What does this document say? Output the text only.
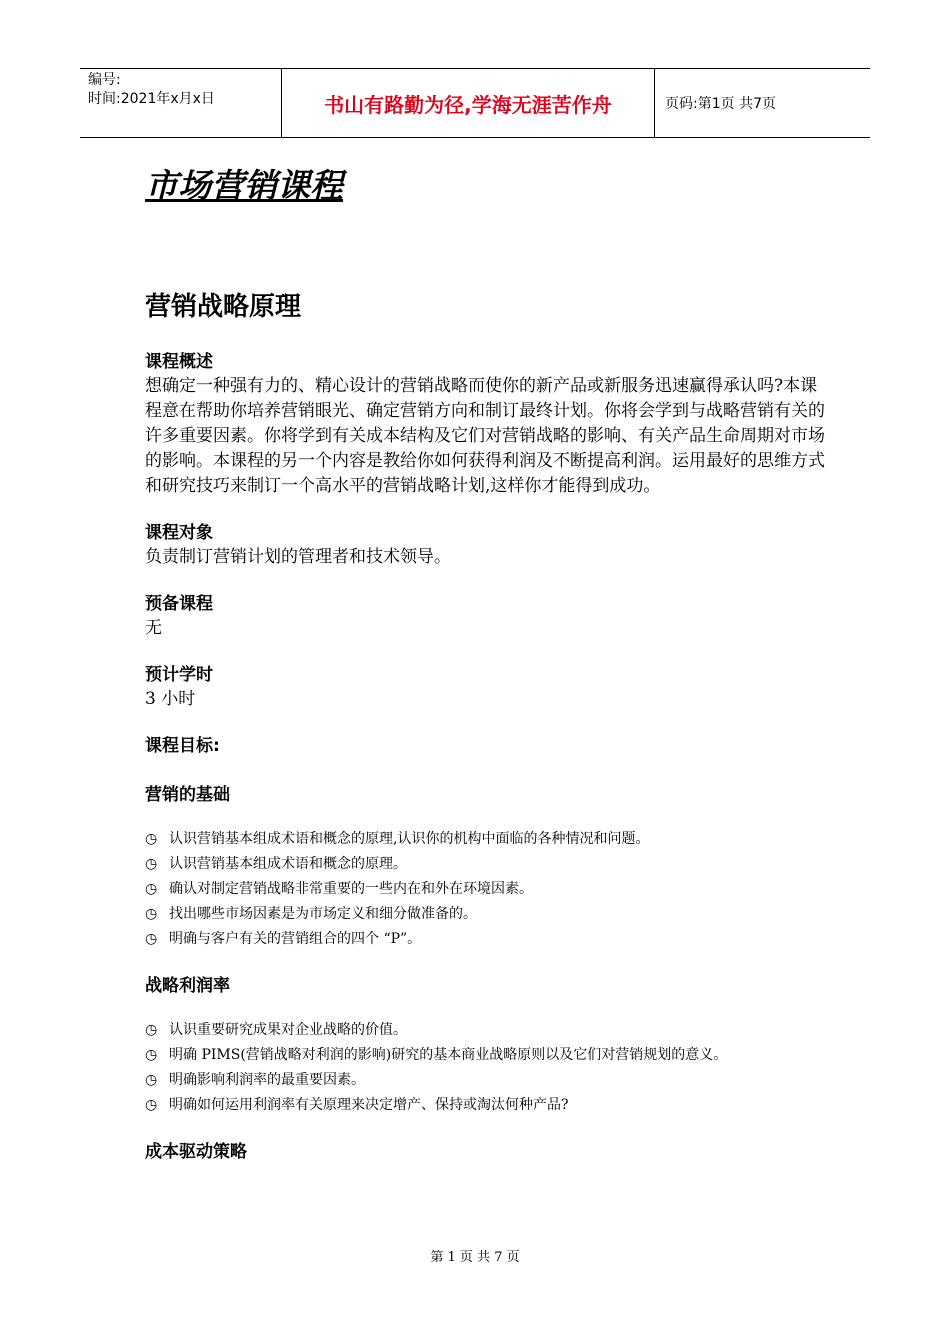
编号:
时间:2021年x月x日	书山有路勤为径,学海无涯苦作舟	页码:第1页 共7页
市场营销课程
营销战略原理
课程概述
想确定一种强有力的、精心设计的营销战略而使你的新产品或新服务迅速赢得承认吗?本课程意在帮助你培养营销眼光、确定营销方向和制订最终计划。你将会学到与战略营销有关的许多重要因素。你将学到有关成本结构及它们对营销战略的影响、有关产品生命周期对市场的影响。本课程的另一个内容是教给你如何获得利润及不断提高利润。运用最好的思维方式和研究技巧来制订一个高水平的营销战略计划,这样你才能得到成功。
课程对象
负责制订营销计划的管理者和技术领导。
预备课程
无
预计学时
3 小时
课程目标:
营销的基础
◷ 认识营销基本组成术语和概念的原理,认识你的机构中面临的各种情况和问题。
◷ 认识营销基本组成术语和概念的原理。
◷ 确认对制定营销战略非常重要的一些内在和外在环境因素。
◷ 找出哪些市场因素是为市场定义和细分做准备的。
◷ 明确与客户有关的营销组合的四个 “P”。
战略利润率
◷ 认识重要研究成果对企业战略的价值。
◷ 明确 PIMS(营销战略对利润的影响)研究的基本商业战略原则以及它们对营销规划的意义。
◷ 明确影响利润率的最重要因素。
◷ 明确如何运用利润率有关原理来决定增产、保持或淘汰何种产品?
成本驱动策略
第 1 页 共 7 页
